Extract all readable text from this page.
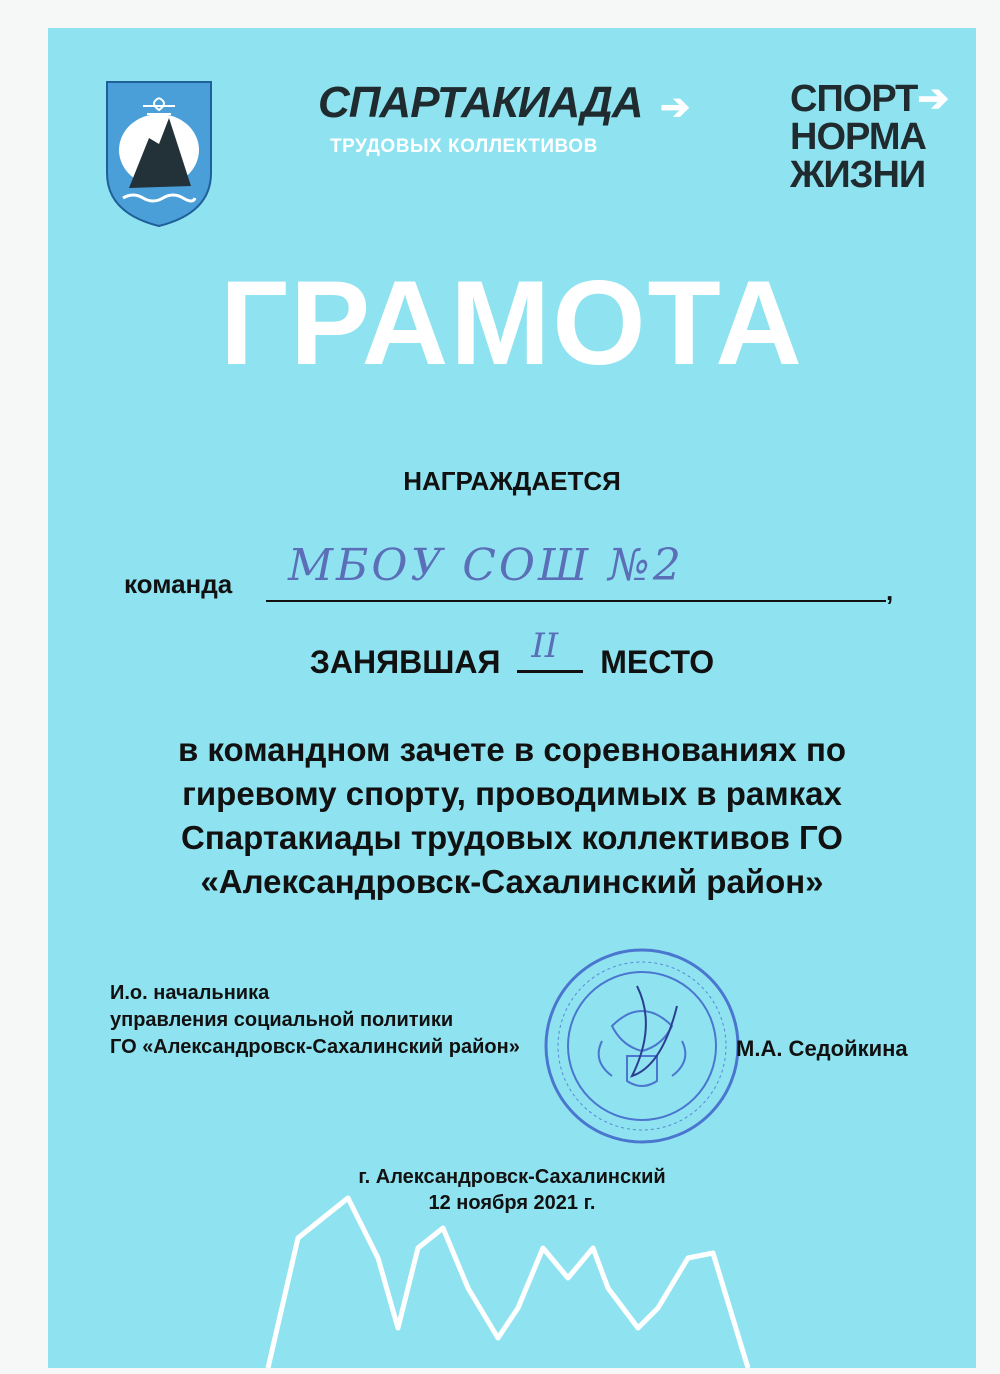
СПАРТАКИАДА ➔
ТРУДОВЫХ КОЛЛЕКТИВОВ
СПОРТ➔
НОРМА
ЖИЗНИ
ГРАМОТА
НАГРАЖДАЕТСЯ
команда МБОУ СОШ №2	,
ЗАНЯВШАЯ II МЕСТО
в командном зачете в соревнованиях по
гиревому спорту, проводимых в рамках
Спартакиады трудовых коллективов ГО
«Александровск-Сахалинский район»
И.о. начальника
управления социальной политики
ГО «Александровск-Сахалинский район»	М.А. Седойкина
г. Александровск-Сахалинский
12 ноября 2021 г.
